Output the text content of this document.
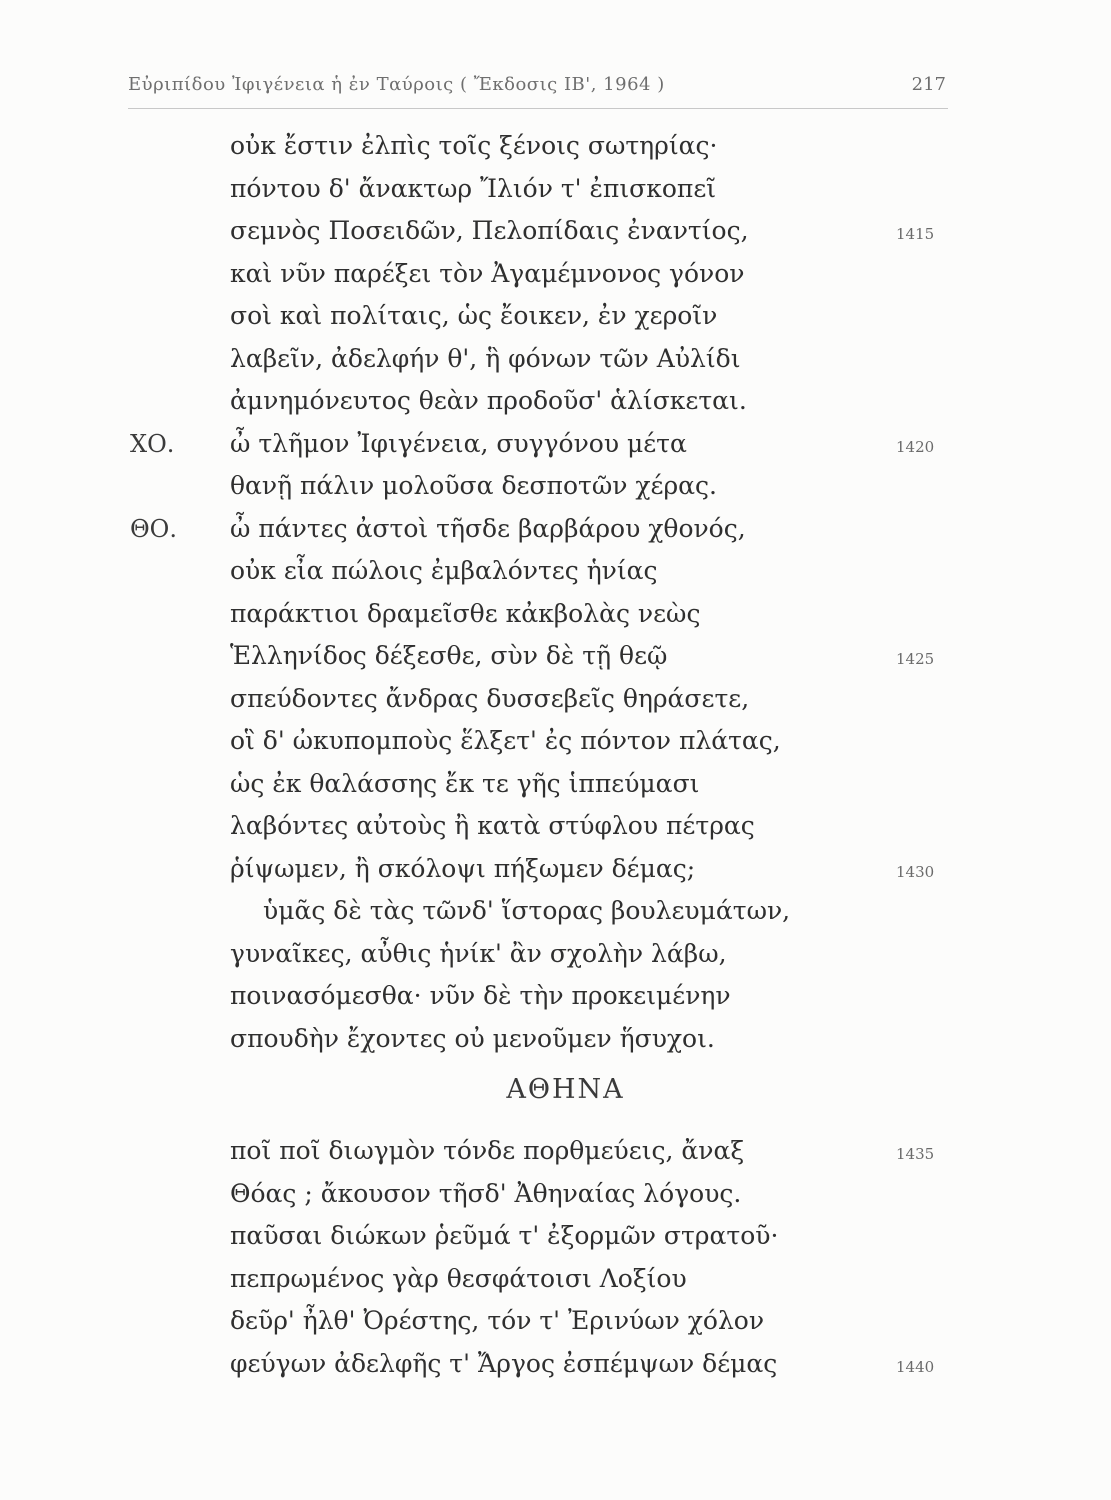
Εὐριπίδου Ἰφιγένεια ἡ ἐν Ταύροις ( Ἔκδοσις ΙΒ', 1964 )	217
οὐκ ἔστιν ἐλπὶς τοῖς ξένοις σωτηρίας·
πόντου δ' ἄνακτωρ Ἴλιόν τ' ἐπισκοπεῖ
σεμνὸς Ποσειδῶν, Πελοπίδαις ἐναντίος,	1415
καὶ νῦν παρέξει τὸν Ἀγαμέμνονος γόνον
σοὶ καὶ πολίταις, ὡς ἔοικεν, ἐν χεροῖν
λαβεῖν, ἀδελφήν θ', ἣ φόνων τῶν Αὐλίδι
ἀμνημόνευτος θεὰν προδοῦσ' ἁλίσκεται.
ΧΟ. ὦ τλῆμον Ἰφιγένεια, συγγόνου μέτα	1420
θανῇ πάλιν μολοῦσα δεσποτῶν χέρας.
ΘΟ. ὦ πάντες ἀστοὶ τῆσδε βαρβάρου χθονός,
οὐκ εἶα πώλοις ἐμβαλόντες ἡνίας
παράκτιοι δραμεῖσθε κἀκβολὰς νεὼς
Ἑλληνίδος δέξεσθε, σὺν δὲ τῇ θεῷ	1425
σπεύδοντες ἄνδρας δυσσεβεῖς θηράσετε,
οἳ δ' ὠκυπομποὺς ἕλξετ' ἐς πόντον πλάτας,
ὡς ἐκ θαλάσσης ἔκ τε γῆς ἱππεύμασι
λαβόντες αὐτοὺς ἢ κατὰ στύφλου πέτρας
ῥίψωμεν, ἢ σκόλοψι πήξωμεν δέμας;	1430
ὑμᾶς δὲ τὰς τῶνδ' ἵστορας βουλευμάτων,
γυναῖκες, αὖθις ἡνίκ' ἂν σχολὴν λάβω,
ποινασόμεσθα· νῦν δὲ τὴν προκειμένην
σπουδὴν ἔχοντες οὐ μενοῦμεν ἥσυχοι.
ΑΘΗΝΑ
ποῖ ποῖ διωγμὸν τόνδε πορθμεύεις, ἄναξ	1435
Θόας ; ἄκουσον τῆσδ' Ἀθηναίας λόγους.
παῦσαι διώκων ῥεῦμά τ' ἐξορμῶν στρατοῦ·
πεπρωμένος γὰρ θεσφάτοισι Λοξίου
δεῦρ' ἦλθ' Ὀρέστης, τόν τ' Ἐρινύων χόλον
φεύγων ἀδελφῆς τ' Ἄργος ἐσπέμψων δέμας	1440
